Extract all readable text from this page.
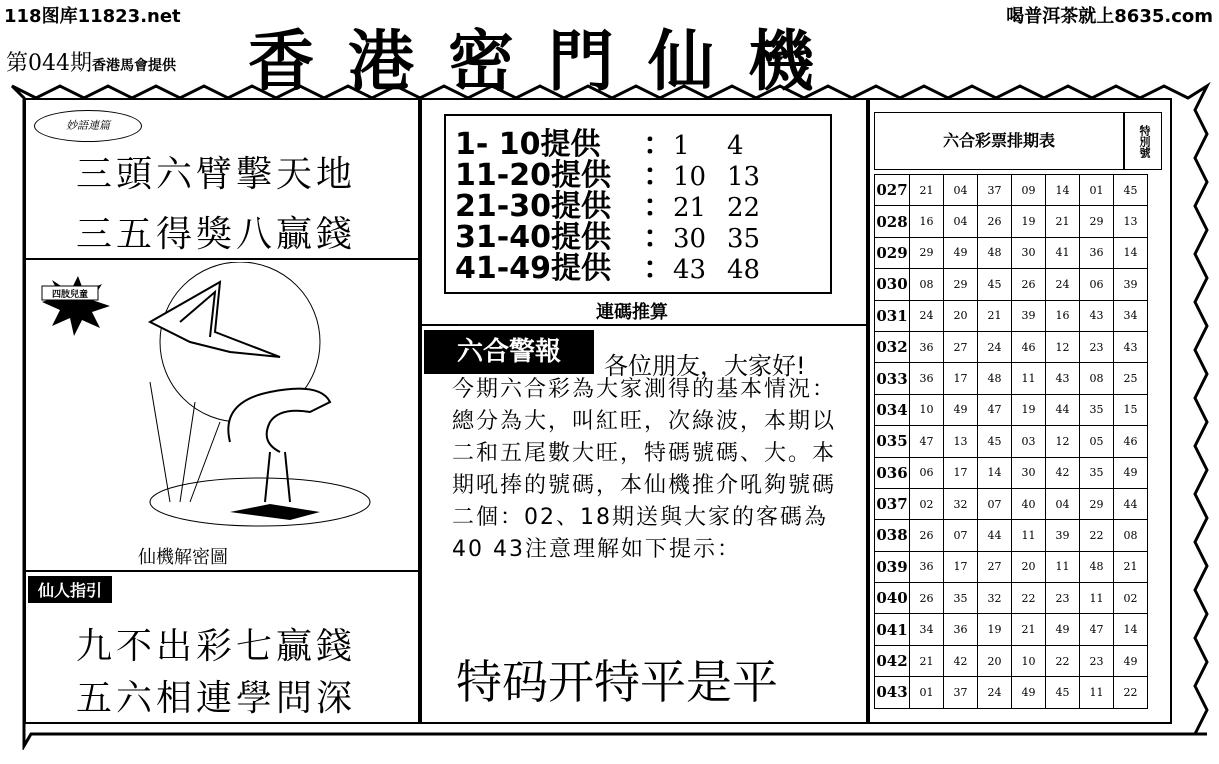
118图库11823.net	喝普洱茶就上8635.com
第044期香港馬會提供 香港密門仙機
妙語連篇
三頭六臂擊天地
三五得獎八贏錢
四肢兒童
仙機解密圖
仙人指引
九不出彩七贏錢
五六相連學問深
1- 10提供 ：1 4
11-20提供 ：10 13
21-30提供 ：21 22
31-40提供 ：30 35
41-49提供 ：43 48
連碼推算
六合警報	各位朋友，大家好!
今期六合彩為大家測得的基本情況：總分為大，叫紅旺，次綠波，本期以二和五尾數大旺，特碼號碼、大。本期吼捧的號碼，本仙機推介吼夠號碼二個：02、18期送與大家的客碼為40 43注意理解如下提示：
特码开特平是平
六合彩票排期表	特別號
027	21	04	37	09	14	01	45
028	16	04	26	19	21	29	13
029	29	49	48	30	41	36	14
030	08	29	45	26	24	06	39
031	24	20	21	39	16	43	34
032	36	27	24	46	12	23	43
033	36	17	48	11	43	08	25
034	10	49	47	19	44	35	15
035	47	13	45	03	12	05	46
036	06	17	14	30	42	35	49
037	02	32	07	40	04	29	44
038	26	07	44	11	39	22	08
039	36	17	27	20	11	48	21
040	26	35	32	22	23	11	02
041	34	36	19	21	49	47	14
042	21	42	20	10	22	23	49
043	01	37	24	49	45	11	22
